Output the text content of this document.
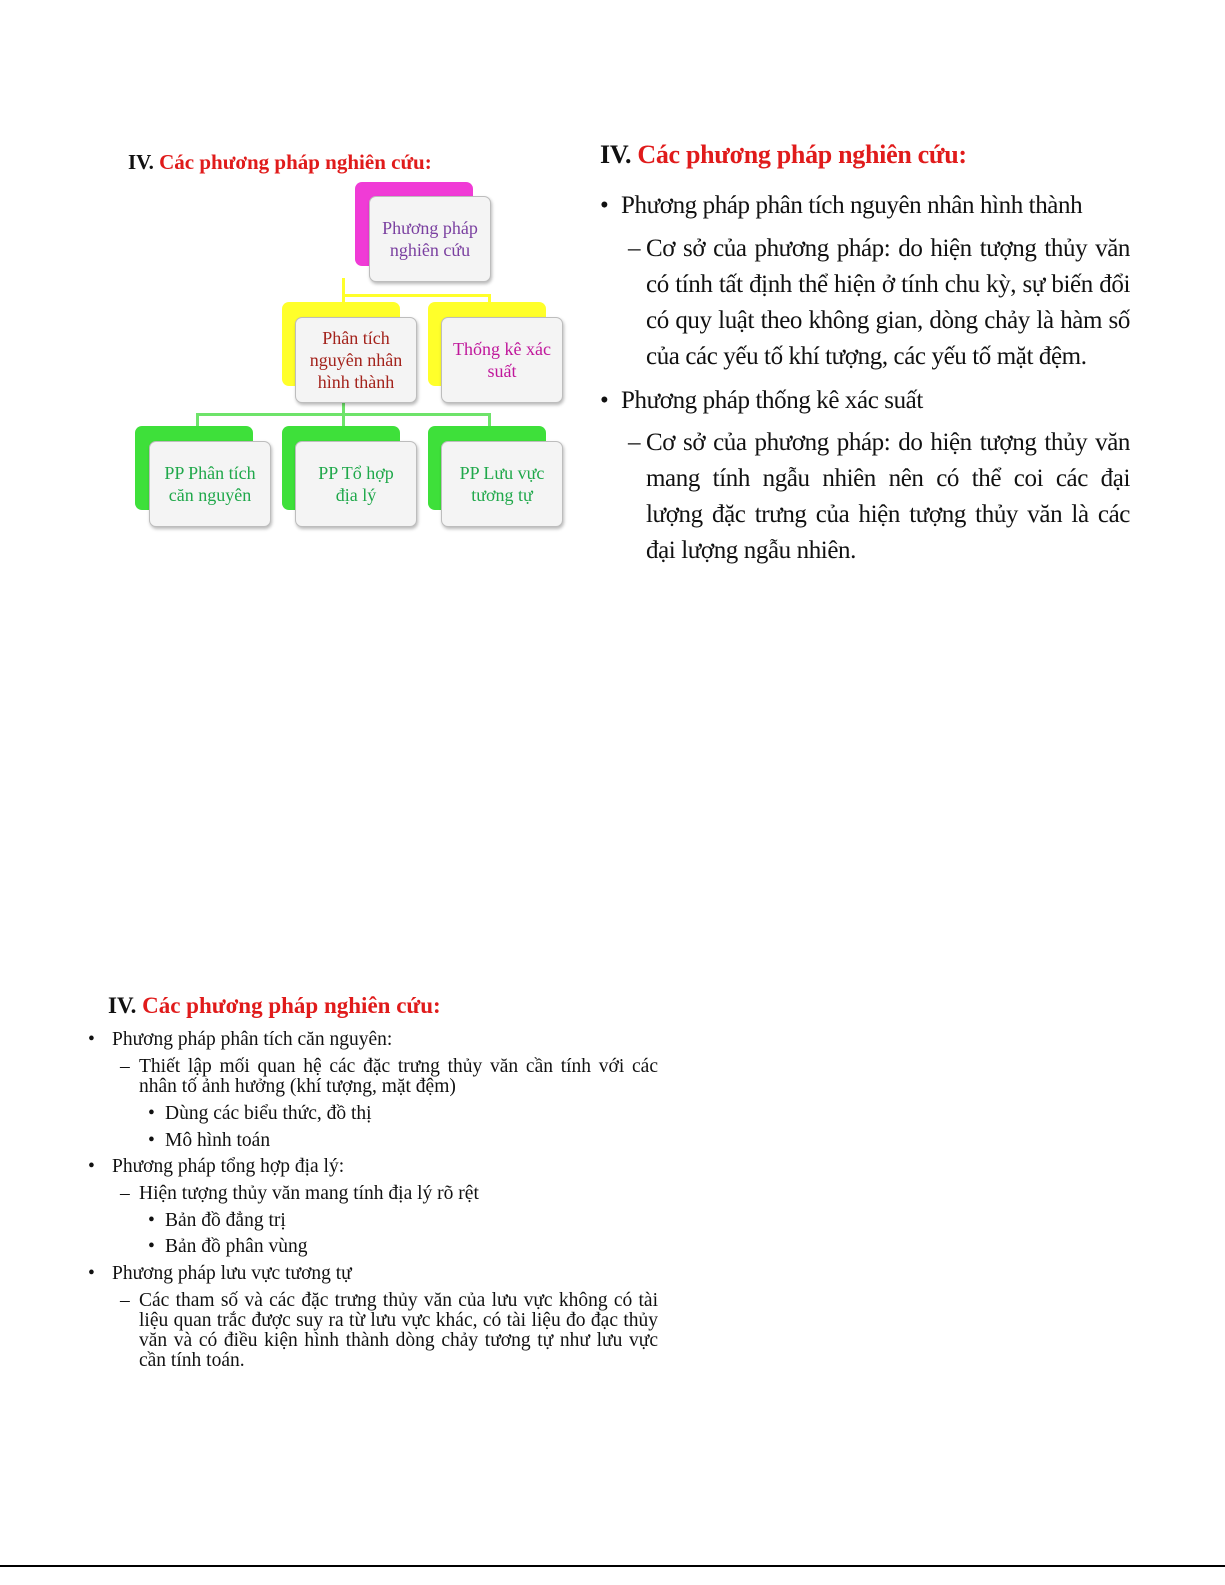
IV. Các phương pháp nghiên cứu:
Phương pháp
nghiên cứu
Phân tích
nguyên nhân
hình thành
Thống kê xác
suất
PP Phân tích
căn nguyên
PP Tổ hợp
địa lý
PP Lưu vực
tương tự
IV. Các phương pháp nghiên cứu:
• Phương pháp phân tích nguyên nhân hình thành
– Cơ sở của phương pháp: do hiện tượng thủy văn có tính tất định thể hiện ở tính chu kỳ, sự biến đổi có quy luật theo không gian, dòng chảy là hàm số của các yếu tố khí tượng, các yếu tố mặt đệm.
• Phương pháp thống kê xác suất
– Cơ sở của phương pháp: do hiện tượng thủy văn mang tính ngẫu nhiên nên có thể coi các đại lượng đặc trưng của hiện tượng thủy văn là các đại lượng ngẫu nhiên.
IV. Các phương pháp nghiên cứu:
• Phương pháp phân tích căn nguyên:
– Thiết lập mối quan hệ các đặc trưng thủy văn cần tính với các nhân tố ảnh hưởng (khí tượng, mặt đệm)
• Dùng các biểu thức, đồ thị
• Mô hình toán
• Phương pháp tổng hợp địa lý:
– Hiện tượng thủy văn mang tính địa lý rõ rệt
• Bản đồ đẳng trị
• Bản đồ phân vùng
• Phương pháp lưu vực tương tự
– Các tham số và các đặc trưng thủy văn của lưu vực không có tài liệu quan trắc được suy ra từ lưu vực khác, có tài liệu đo đạc thủy văn và có điều kiện hình thành dòng chảy tương tự như lưu vực cần tính toán.
